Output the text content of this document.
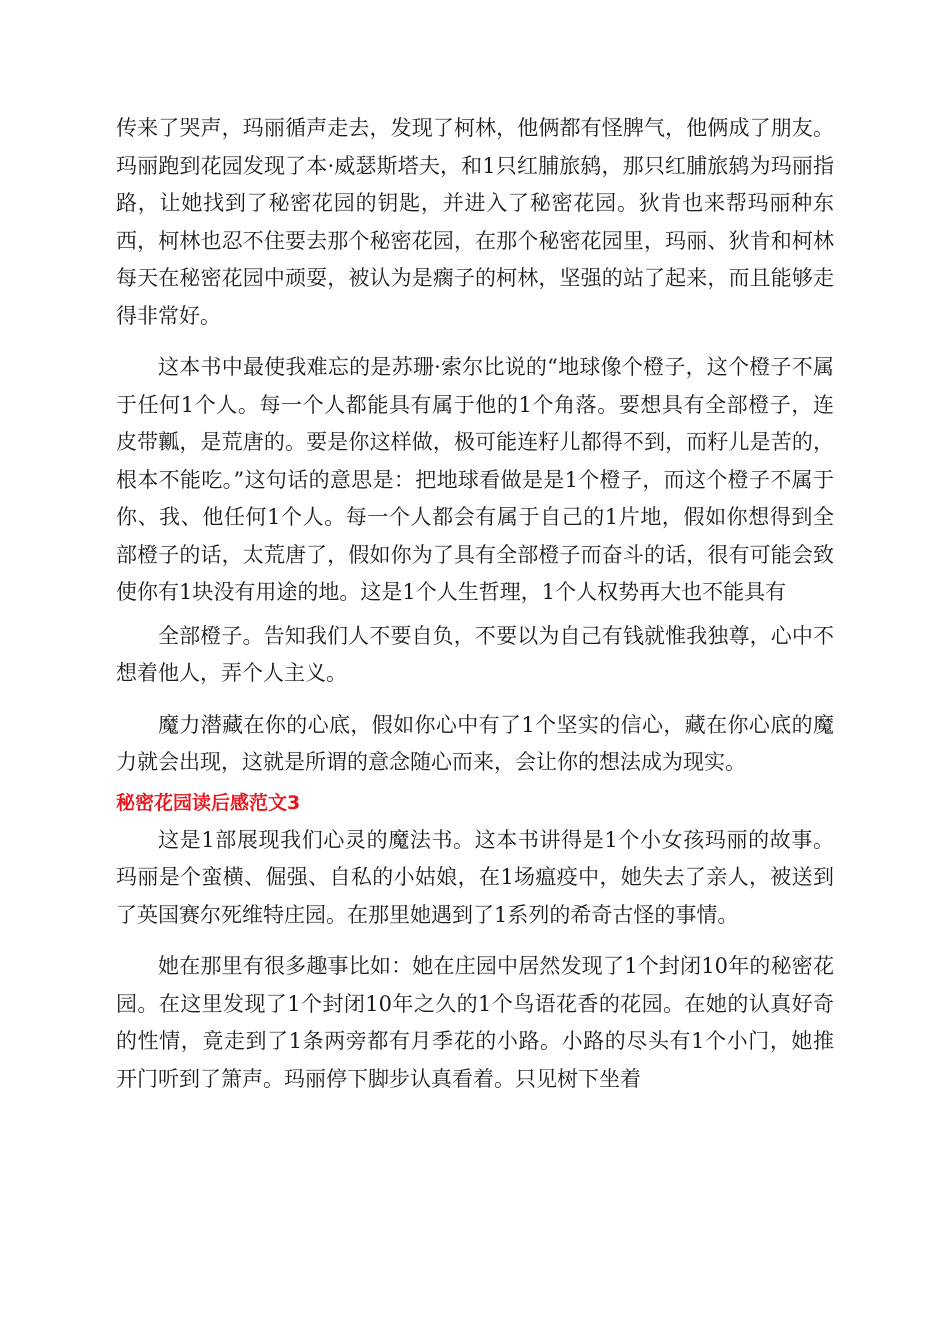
传来了哭声，玛丽循声走去，发现了柯林，他俩都有怪脾气，他俩成了朋友。玛丽跑到花园发现了本·威瑟斯塔夫，和1只红脯旅鸫，那只红脯旅鸫为玛丽指路，让她找到了秘密花园的钥匙，并进入了秘密花园。狄肯也来帮玛丽种东西，柯林也忍不住要去那个秘密花园，在那个秘密花园里，玛丽、狄肯和柯林每天在秘密花园中顽耍，被认为是瘸子的柯林，坚强的站了起来，而且能够走得非常好。

这本书中最使我难忘的是苏珊·索尔比说的“地球像个橙子，这个橙子不属于任何1个人。每一个人都能具有属于他的1个角落。要想具有全部橙子，连皮带瓤，是荒唐的。要是你这样做，极可能连籽儿都得不到，而籽儿是苦的，根本不能吃。”这句话的意思是：把地球看做是是1个橙子，而这个橙子不属于你、我、他任何1个人。每一个人都会有属于自己的1片地，假如你想得到全部橙子的话，太荒唐了，假如你为了具有全部橙子而奋斗的话，很有可能会致使你有1块没有用途的地。这是1个人生哲理，1个人权势再大也不能具有

全部橙子。告知我们人不要自负，不要以为自己有钱就惟我独尊，心中不想着他人，弄个人主义。

魔力潜藏在你的心底，假如你心中有了1个坚实的信心，藏在你心底的魔力就会出现，这就是所谓的意念随心而来，会让你的想法成为现实。

秘密花园读后感范文3

这是1部展现我们心灵的魔法书。这本书讲得是1个小女孩玛丽的故事。玛丽是个蛮横、倔强、自私的小姑娘，在1场瘟疫中，她失去了亲人，被送到了英国赛尔死维特庄园。在那里她遇到了1系列的希奇古怪的事情。

她在那里有很多趣事比如：她在庄园中居然发现了1个封闭10年的秘密花园。在这里发现了1个封闭10年之久的1个鸟语花香的花园。在她的认真好奇的性情，竟走到了1条两旁都有月季花的小路。小路的尽头有1个小门，她推开门听到了箫声。玛丽停下脚步认真看着。只见树下坐着
